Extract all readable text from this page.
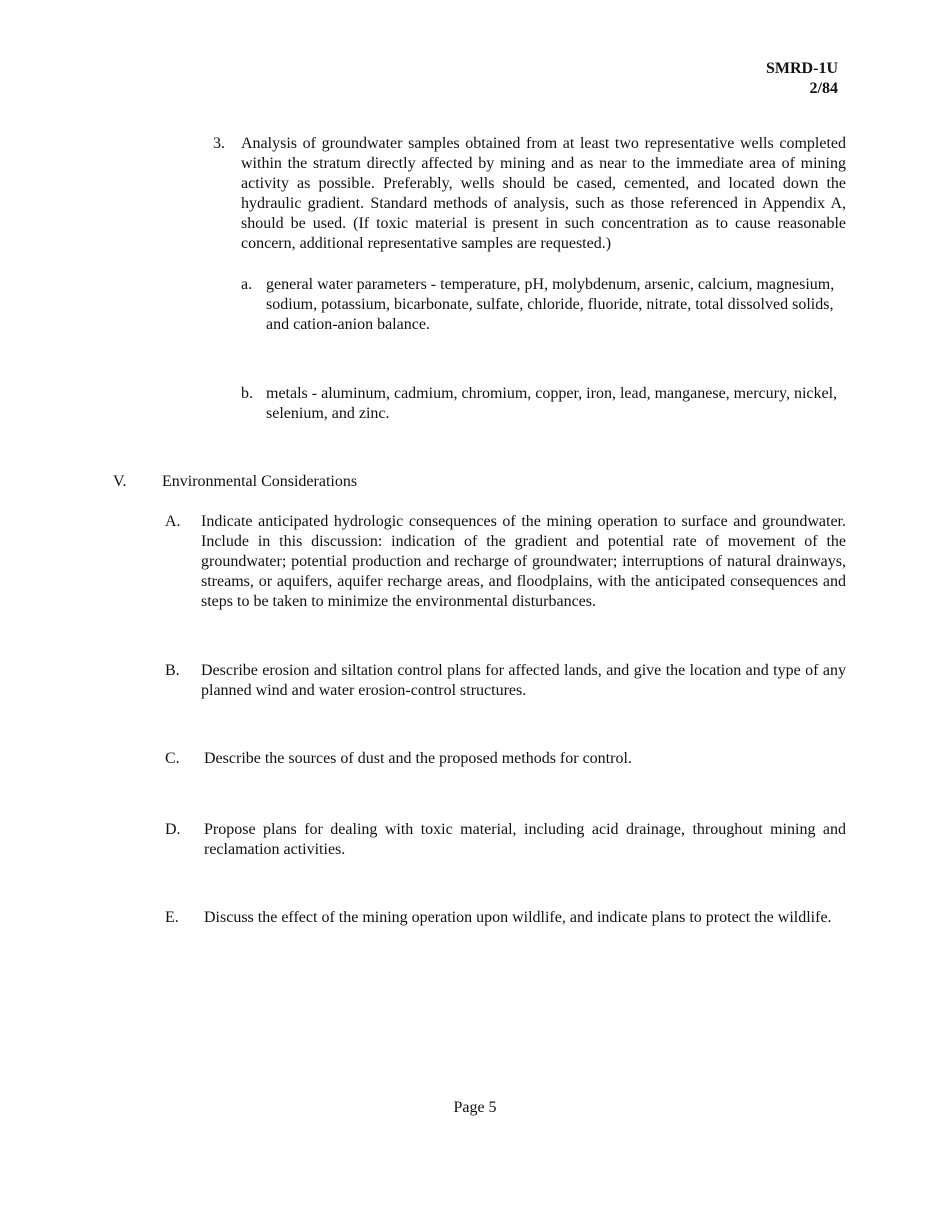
SMRD-1U
2/84
3. Analysis of groundwater samples obtained from at least two representative wells completed within the stratum directly affected by mining and as near to the immediate area of mining activity as possible. Preferably, wells should be cased, cemented, and located down the hydraulic gradient. Standard methods of analysis, such as those referenced in Appendix A, should be used. (If toxic material is present in such concentration as to cause reasonable concern, additional representative samples are requested.)
a. general water parameters - temperature, pH, molybdenum, arsenic, calcium, magnesium, sodium, potassium, bicarbonate, sulfate, chloride, fluoride, nitrate, total dissolved solids, and cation-anion balance.
b. metals - aluminum, cadmium, chromium, copper, iron, lead, manganese, mercury, nickel, selenium, and zinc.
V. Environmental Considerations
A. Indicate anticipated hydrologic consequences of the mining operation to surface and groundwater. Include in this discussion: indication of the gradient and potential rate of movement of the groundwater; potential production and recharge of groundwater; interruptions of natural drainways, streams, or aquifers, aquifer recharge areas, and floodplains, with the anticipated consequences and steps to be taken to minimize the environmental disturbances.
B. Describe erosion and siltation control plans for affected lands, and give the location and type of any planned wind and water erosion-control structures.
C. Describe the sources of dust and the proposed methods for control.
D. Propose plans for dealing with toxic material, including acid drainage, throughout mining and reclamation activities.
E. Discuss the effect of the mining operation upon wildlife, and indicate plans to protect the wildlife.
Page 5
